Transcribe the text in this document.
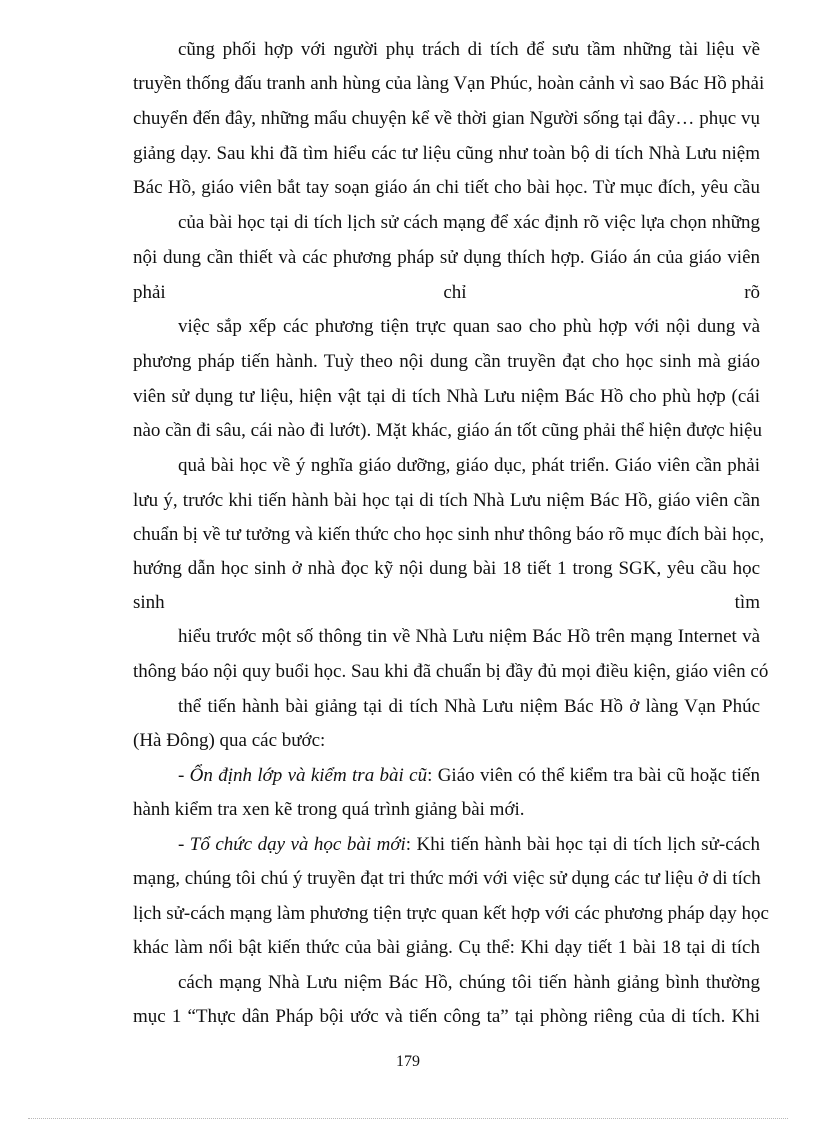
cũng phối hợp với người phụ trách di tích để sưu tầm những tài liệu về
truyền thống đấu tranh anh hùng của làng Vạn Phúc, hoàn cảnh vì sao Bác Hồ phải
chuyển đến đây, những mẩu chuyện kể về thời gian Người sống tại đây… phục vụ
giảng dạy. Sau khi đã tìm hiểu các tư liệu cũng như toàn bộ di tích Nhà Lưu niệm
Bác Hồ, giáo viên bắt tay soạn giáo án chi tiết cho bài học. Từ mục đích, yêu cầu
của bài học tại di tích lịch sử cách mạng để xác định rõ việc lựa chọn những
nội dung cần thiết và các phương pháp sử dụng thích hợp. Giáo án của giáo viên
phải	chỉ	rõ
việc sắp xếp các phương tiện trực quan sao cho phù hợp với nội dung và
phương pháp tiến hành. Tuỳ theo nội dung cần truyền đạt cho học sinh mà giáo
viên sử dụng tư liệu, hiện vật tại di tích Nhà Lưu niệm Bác Hồ cho phù hợp (cái
nào cần đi sâu, cái nào đi lướt). Mặt khác, giáo án tốt cũng phải thể hiện được hiệu
quả bài học về ý nghĩa giáo dưỡng, giáo dục, phát triển. Giáo viên cần phải
lưu ý, trước khi tiến hành bài học tại di tích Nhà Lưu niệm Bác Hồ, giáo viên cần
chuẩn bị về tư tưởng và kiến thức cho học sinh như thông báo rõ mục đích bài học,
hướng dẫn học sinh ở nhà đọc kỹ nội dung bài 18 tiết 1 trong SGK, yêu cầu học
sinh	tìm
hiểu trước một số thông tin về Nhà Lưu niệm Bác Hồ trên mạng Internet và
thông báo nội quy buổi học. Sau khi đã chuẩn bị đầy đủ mọi điều kiện, giáo viên có
thể tiến hành bài giảng tại di tích Nhà Lưu niệm Bác Hồ ở làng Vạn Phúc
(Hà Đông) qua các bước:
- Ổn định lớp và kiểm tra bài cũ: Giáo viên có thể kiểm tra bài cũ hoặc tiến
hành kiểm tra xen kẽ trong quá trình giảng bài mới.
- Tổ chức dạy và học bài mới: Khi tiến hành bài học tại di tích lịch sử-cách
mạng, chúng tôi chú ý truyền đạt tri thức mới với việc sử dụng các tư liệu ở di tích
lịch sử-cách mạng làm phương tiện trực quan kết hợp với các phương pháp dạy học
khác làm nổi bật kiến thức của bài giảng. Cụ thể: Khi dạy tiết 1 bài 18 tại di tích
cách mạng Nhà Lưu niệm Bác Hồ, chúng tôi tiến hành giảng bình thường
mục 1 “Thực dân Pháp bội ước và tiến công ta” tại phòng riêng của di tích. Khi
179
